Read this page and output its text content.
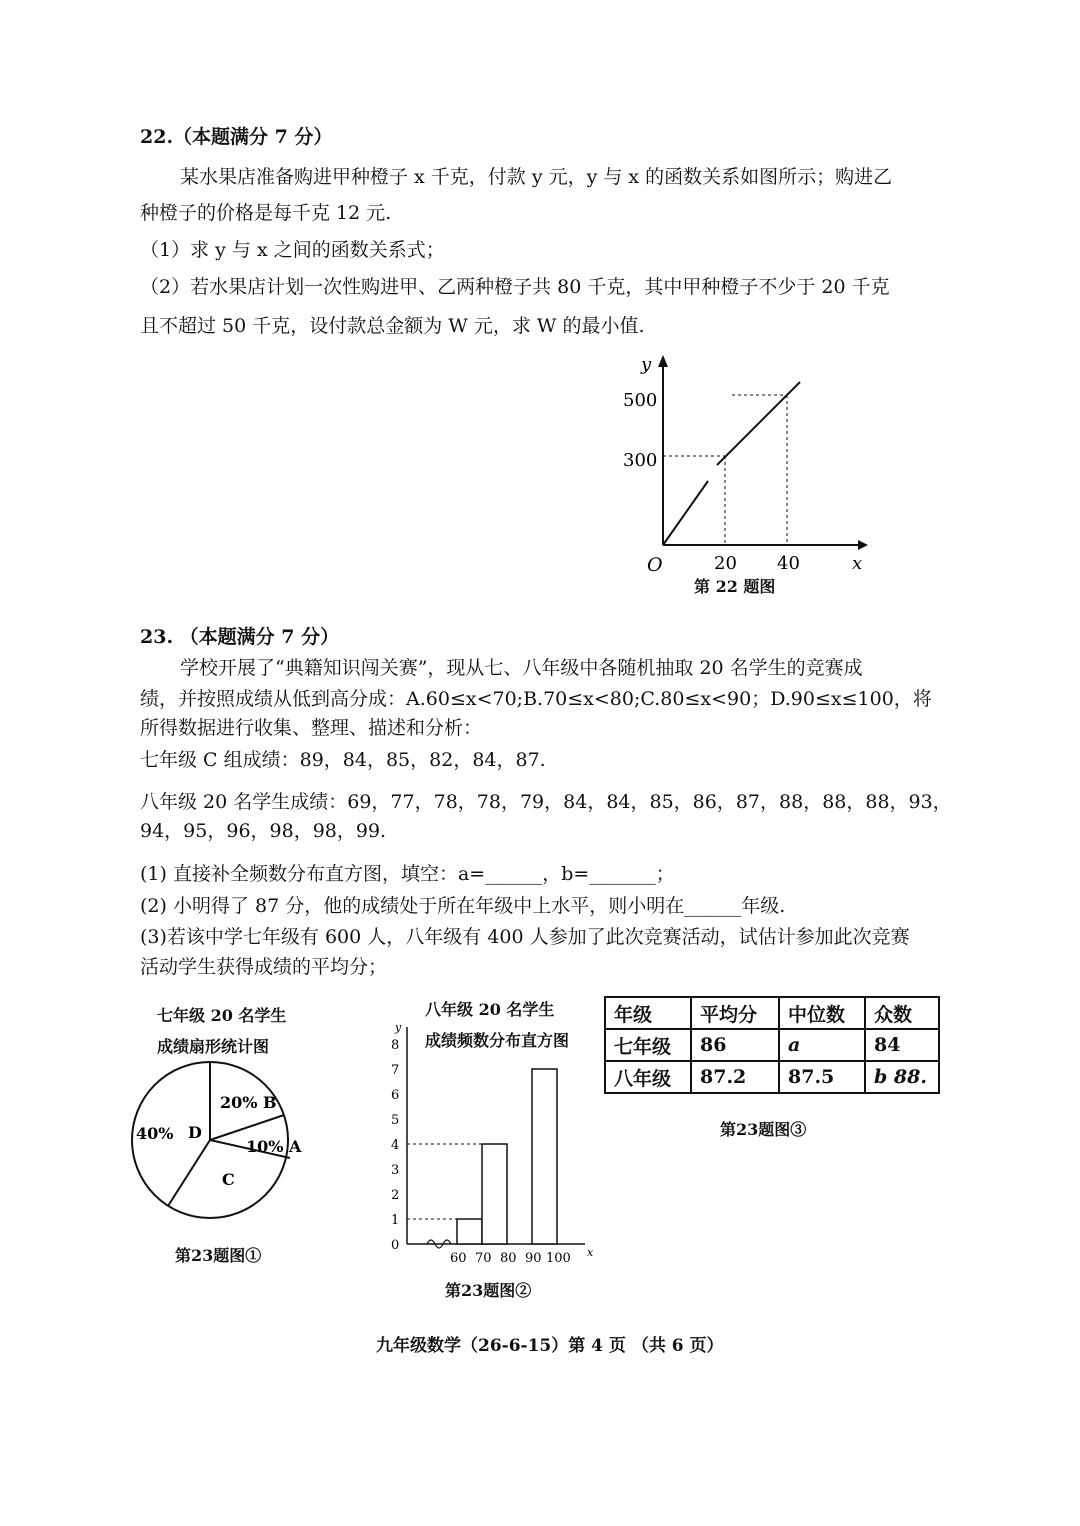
22.（本题满分 7 分）
某水果店准备购进甲种橙子 x 千克，付款 y 元，y 与 x 的函数关系如图所示；购进乙
种橙子的价格是每千克 12 元.
（1）求 y 与 x 之间的函数关系式；
（2）若水果店计划一次性购进甲、乙两种橙子共 80 千克，其中甲种橙子不少于 20 千克
且不超过 50 千克，设付款总金额为 W 元，求 W 的最小值.
y
x
O
500
300
20 40
第 22 题图
23. （本题满分 7 分）
学校开展了“典籍知识闯关赛”，现从七、八年级中各随机抽取 20 名学生的竞赛成
绩，并按照成绩从低到高分成：A.60≤x<70;B.70≤x<80;C.80≤x<90；D.90≤x≤100，将
所得数据进行收集、整理、描述和分析：
七年级 C 组成绩：89，84，85，82，84，87.
八年级 20 名学生成绩：69，77，78，78，79，84，84，85，86，87，88，88，88，93，
94，95，96，98，98，99.
(1) 直接补全频数分布直方图，填空：a=______，b=_______；
(2) 小明得了 87 分，他的成绩处于所在年级中上水平，则小明在______年级.
(3)若该中学七年级有 600 人，八年级有 400 人参加了此次竞赛活动，试估计参加此次竞赛
活动学生获得成绩的平均分；
七年级 20 名学生
成绩扇形统计图
20% B
10% A
40% D
C
第23题图①
八年级 20 名学生
成绩频数分布直方图
y
x
0
1
2
3
4
5
6
7
8
60 70 80 90 100
第23题图②
年级	平均分	中位数	众数
七年级	86	a	84
八年级	87.2	87.5	b 88.
第23题图③
九年级数学（26-6-15）第 4 页 （共 6 页）
